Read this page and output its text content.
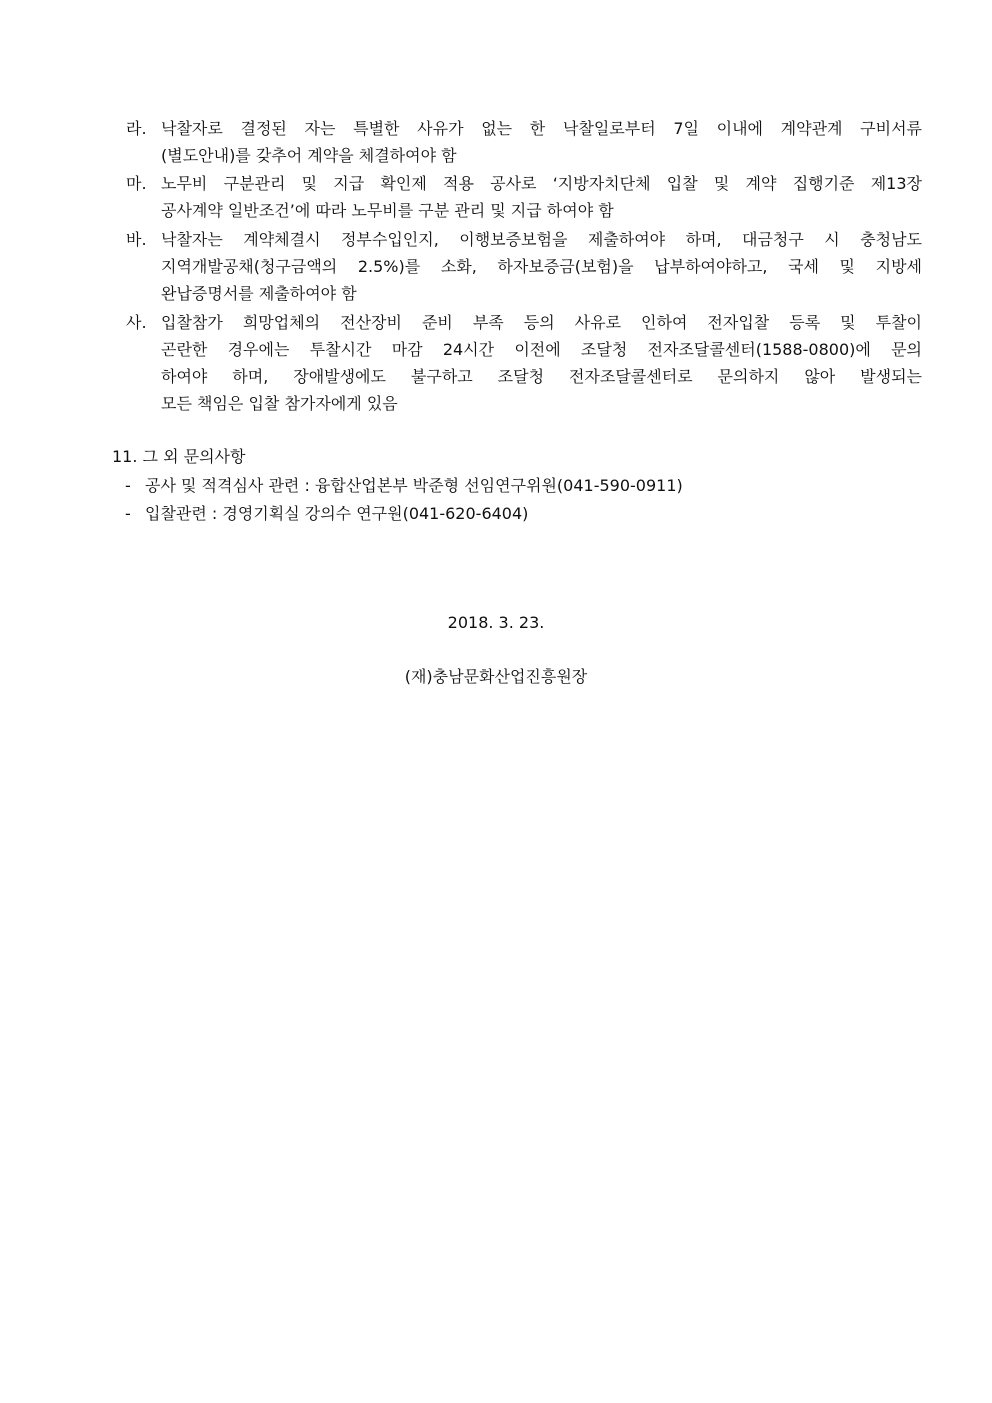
라. 낙찰자로 결정된 자는 특별한 사유가 없는 한 낙찰일로부터 7일 이내에 계약관계 구비서류
(별도안내)를 갖추어 계약을 체결하여야 함
마. 노무비 구분관리 및 지급 확인제 적용 공사로 ‘지방자치단체 입찰 및 계약 집행기준 제13장
공사계약 일반조건’에 따라 노무비를 구분 관리 및 지급 하여야 함
바. 낙찰자는 계약체결시 정부수입인지, 이행보증보험을 제출하여야 하며, 대금청구 시 충청남도
지역개발공채(청구금액의 2.5%)를 소화, 하자보증금(보험)을 납부하여야하고, 국세 및 지방세
완납증명서를 제출하여야 함
사. 입찰참가 희망업체의 전산장비 준비 부족 등의 사유로 인하여 전자입찰 등록 및 투찰이
곤란한 경우에는 투찰시간 마감 24시간 이전에 조달청 전자조달콜센터(1588-0800)에 문의
하여야 하며, 장애발생에도 불구하고 조달청 전자조달콜센터로 문의하지 않아 발생되는
모든 책임은 입찰 참가자에게 있음
11. 그 외 문의사항
- 공사 및 적격심사 관련 : 융합산업본부 박준형 선임연구위원(041-590-0911)
- 입찰관련 : 경영기획실 강의수 연구원(041-620-6404)
2018. 3. 23.
(재)충남문화산업진흥원장
